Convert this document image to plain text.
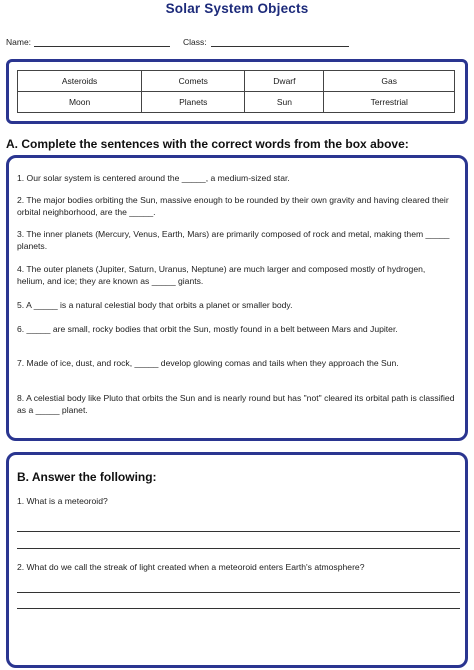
Solar System Objects
Name:	Class:
Asteroids	Comets	Dwarf	Gas
Moon	Planets	Sun	Terrestrial
A. Complete the sentences with the correct words from the box above:
1. Our solar system is centered around the _____, a medium-sized star.
2. The major bodies orbiting the Sun, massive enough to be rounded by their own gravity and having cleared their orbital neighborhood, are the _____.
3. The inner planets (Mercury, Venus, Earth, Mars) are primarily composed of rock and metal, making them _____ planets.
4. The outer planets (Jupiter, Saturn, Uranus, Neptune) are much larger and composed mostly of hydrogen, helium, and ice; they are known as _____ giants.
5. A _____ is a natural celestial body that orbits a planet or smaller body.
6. _____ are small, rocky bodies that orbit the Sun, mostly found in a belt between Mars and Jupiter.
7. Made of ice, dust, and rock, _____ develop glowing comas and tails when they approach the Sun.
8. A celestial body like Pluto that orbits the Sun and is nearly round but has "not" cleared its orbital path is classified as a _____ planet.
B. Answer the following:
1. What is a meteoroid?
2. What do we call the streak of light created when a meteoroid enters Earth's atmosphere?
